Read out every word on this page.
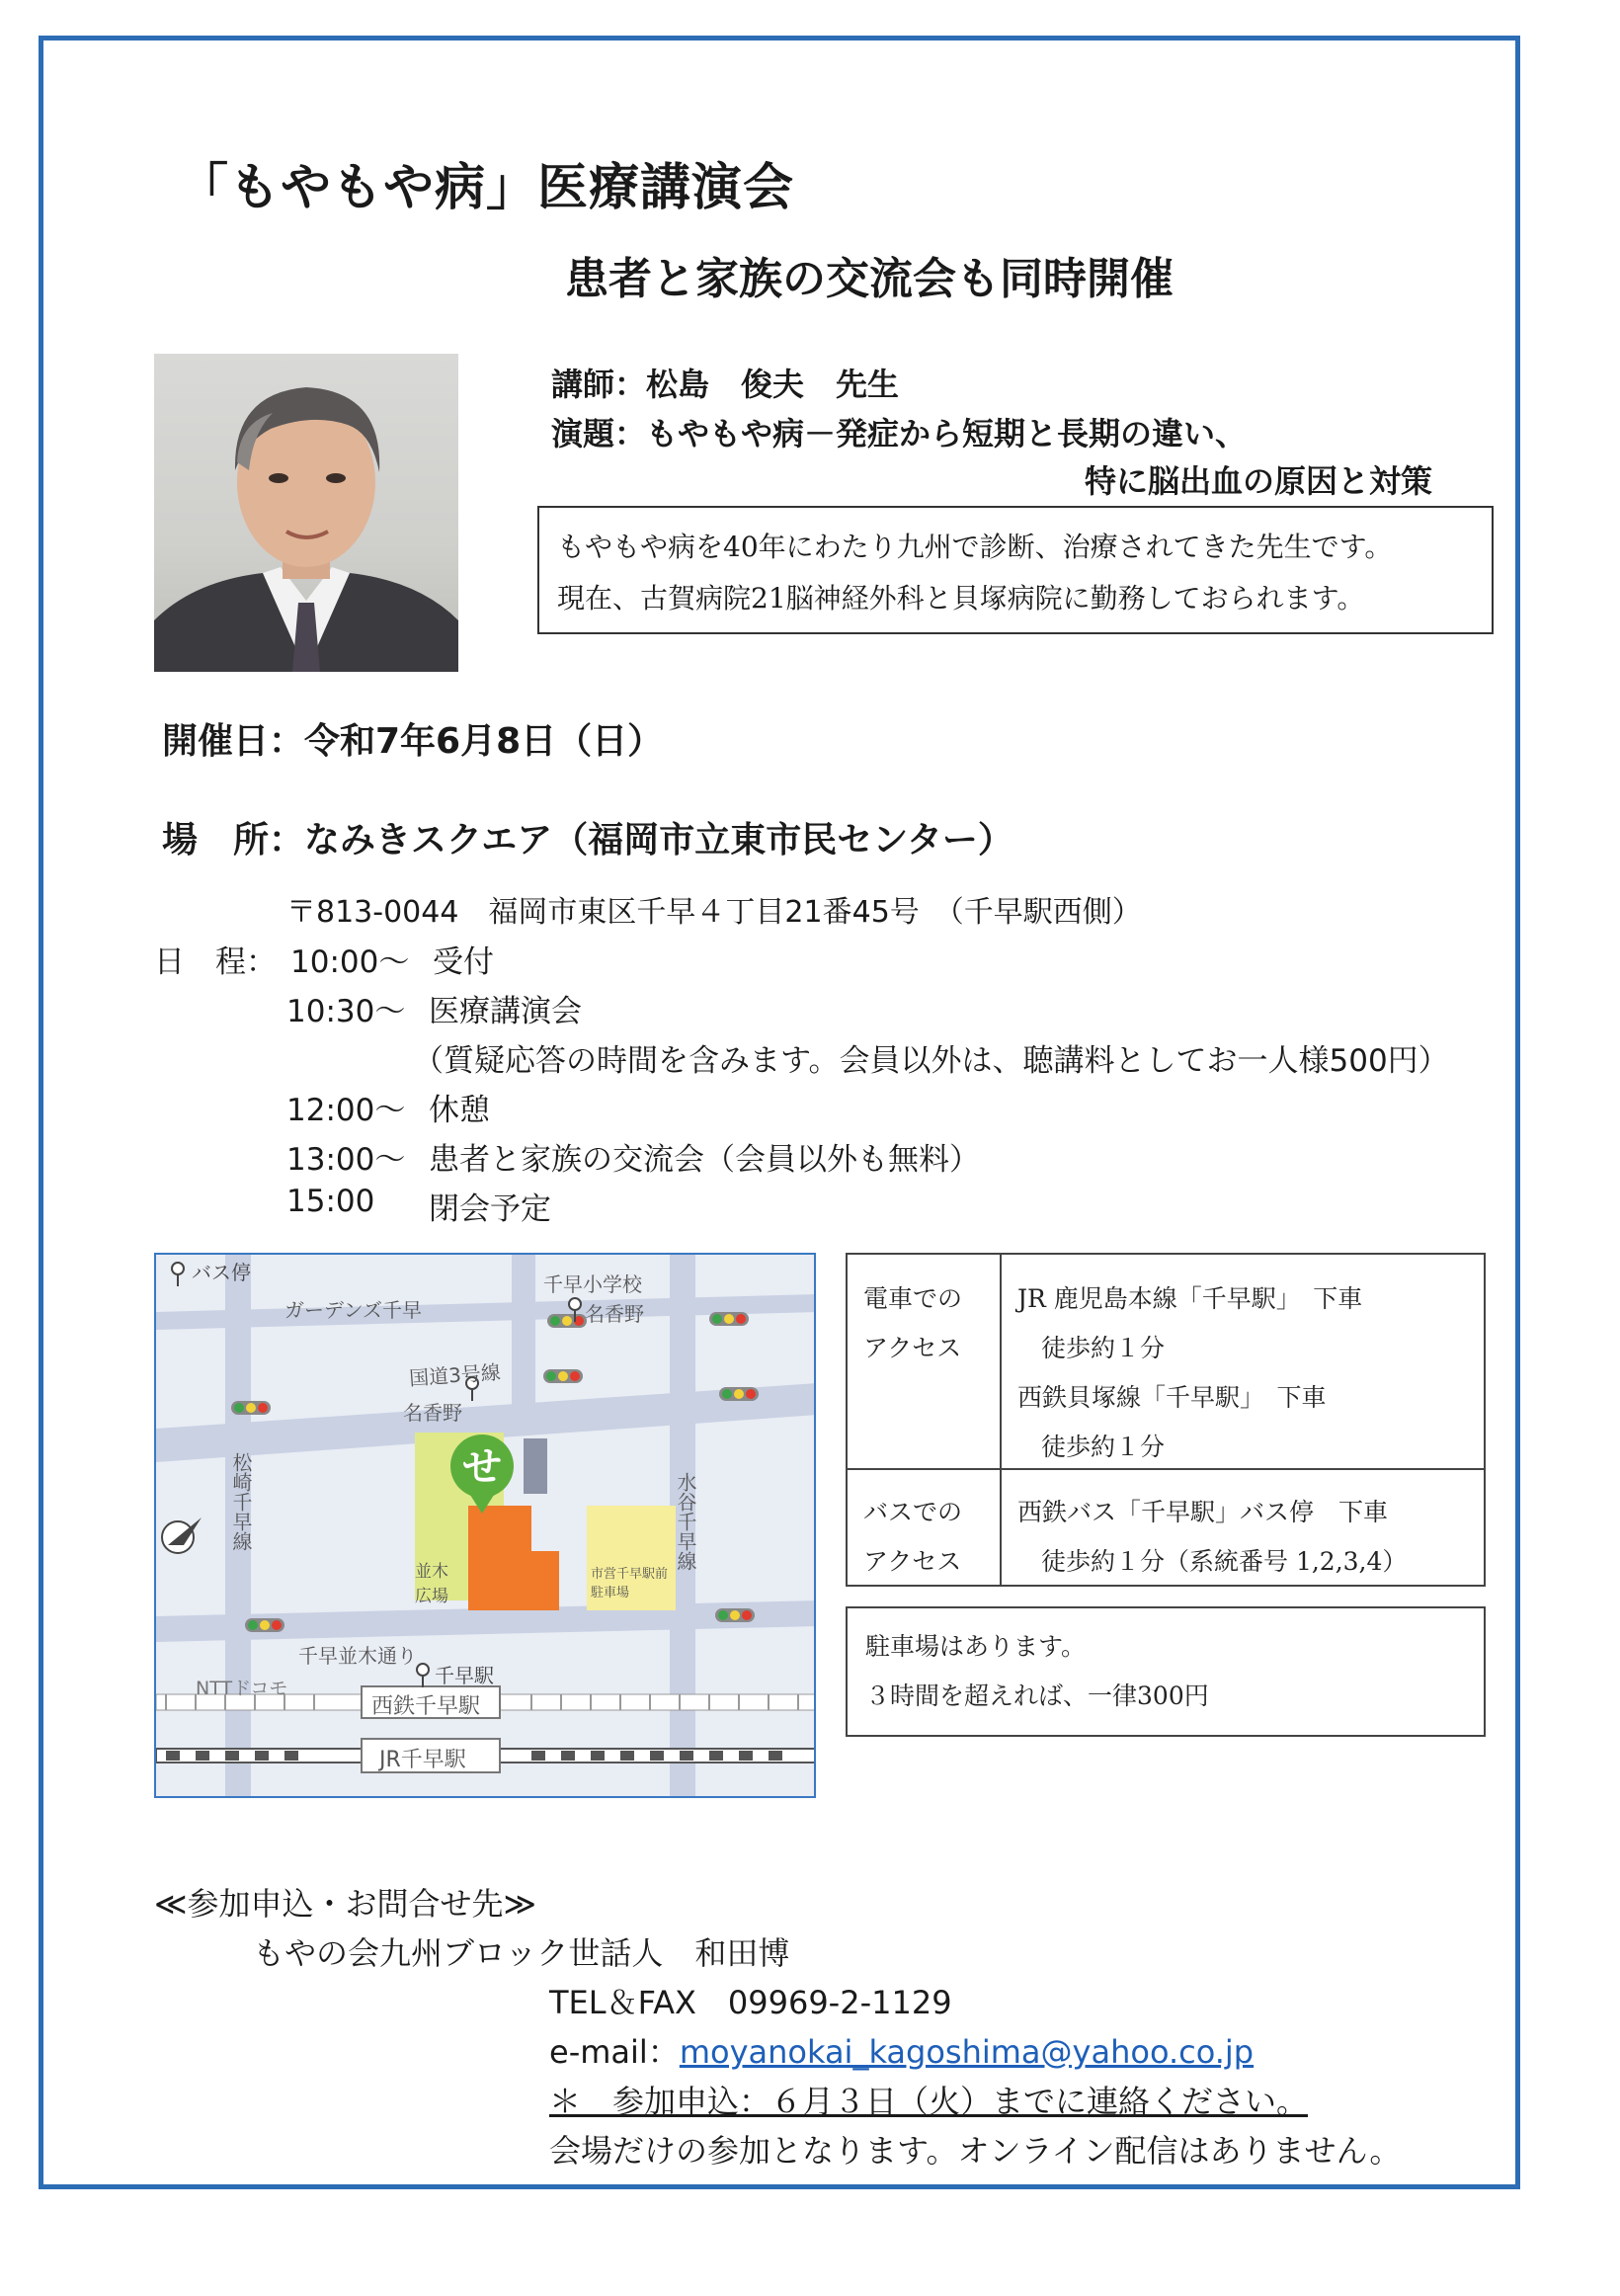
「もやもや病」医療講演会
患者と家族の交流会も同時開催
講師：松島　俊夫　先生
演題：もやもや病－発症から短期と長期の違い、
特に脳出血の原因と対策
もやもや病を40年にわたり九州で診断、治療されてきた先生です。
現在、古賀病院21脳神経外科と貝塚病院に勤務しておられます。
開催日：令和7年6月8日（日）
場　所：なみきスクエア（福岡市立東市民センター）
〒813-0044　福岡市東区千早４丁目21番45号　（千早駅西側）
日　程： 10:00～ 受付
10:30～ 医療講演会
（質疑応答の時間を含みます。会員以外は、聴講料としてお一人様500円）
12:00～ 休憩
13:00～ 患者と家族の交流会（会員以外も無料）
15:00 閉会予定
せ
バス停
ガーデンズ千早
千早小学校
名香野
国道3号線
名香野
松崎千早線	水谷千早線
並木広場
市営千早駅前駐車場
千早並木通り
千早駅
NTTドコモ
西鉄千早駅
JR千早駅
電車での
アクセス
JR 鹿児島本線「千早駅」　下車
徒歩約１分
西鉄貝塚線「千早駅」　下車
徒歩約１分
バスでの
アクセス
西鉄バス「千早駅」バス停　下車
徒歩約１分（系統番号 1,2,3,4）
駐車場はあります。
３時間を超えれば、一律300円
≪参加申込・お問合せ先≫
もやの会九州ブロック世話人　和田博
TEL＆FAX　09969-2-1129
e-mail：moyanokai_kagoshima@yahoo.co.jp
＊　参加申込：６月３日（火）までに連絡ください。
会場だけの参加となります。オンライン配信はありません。
